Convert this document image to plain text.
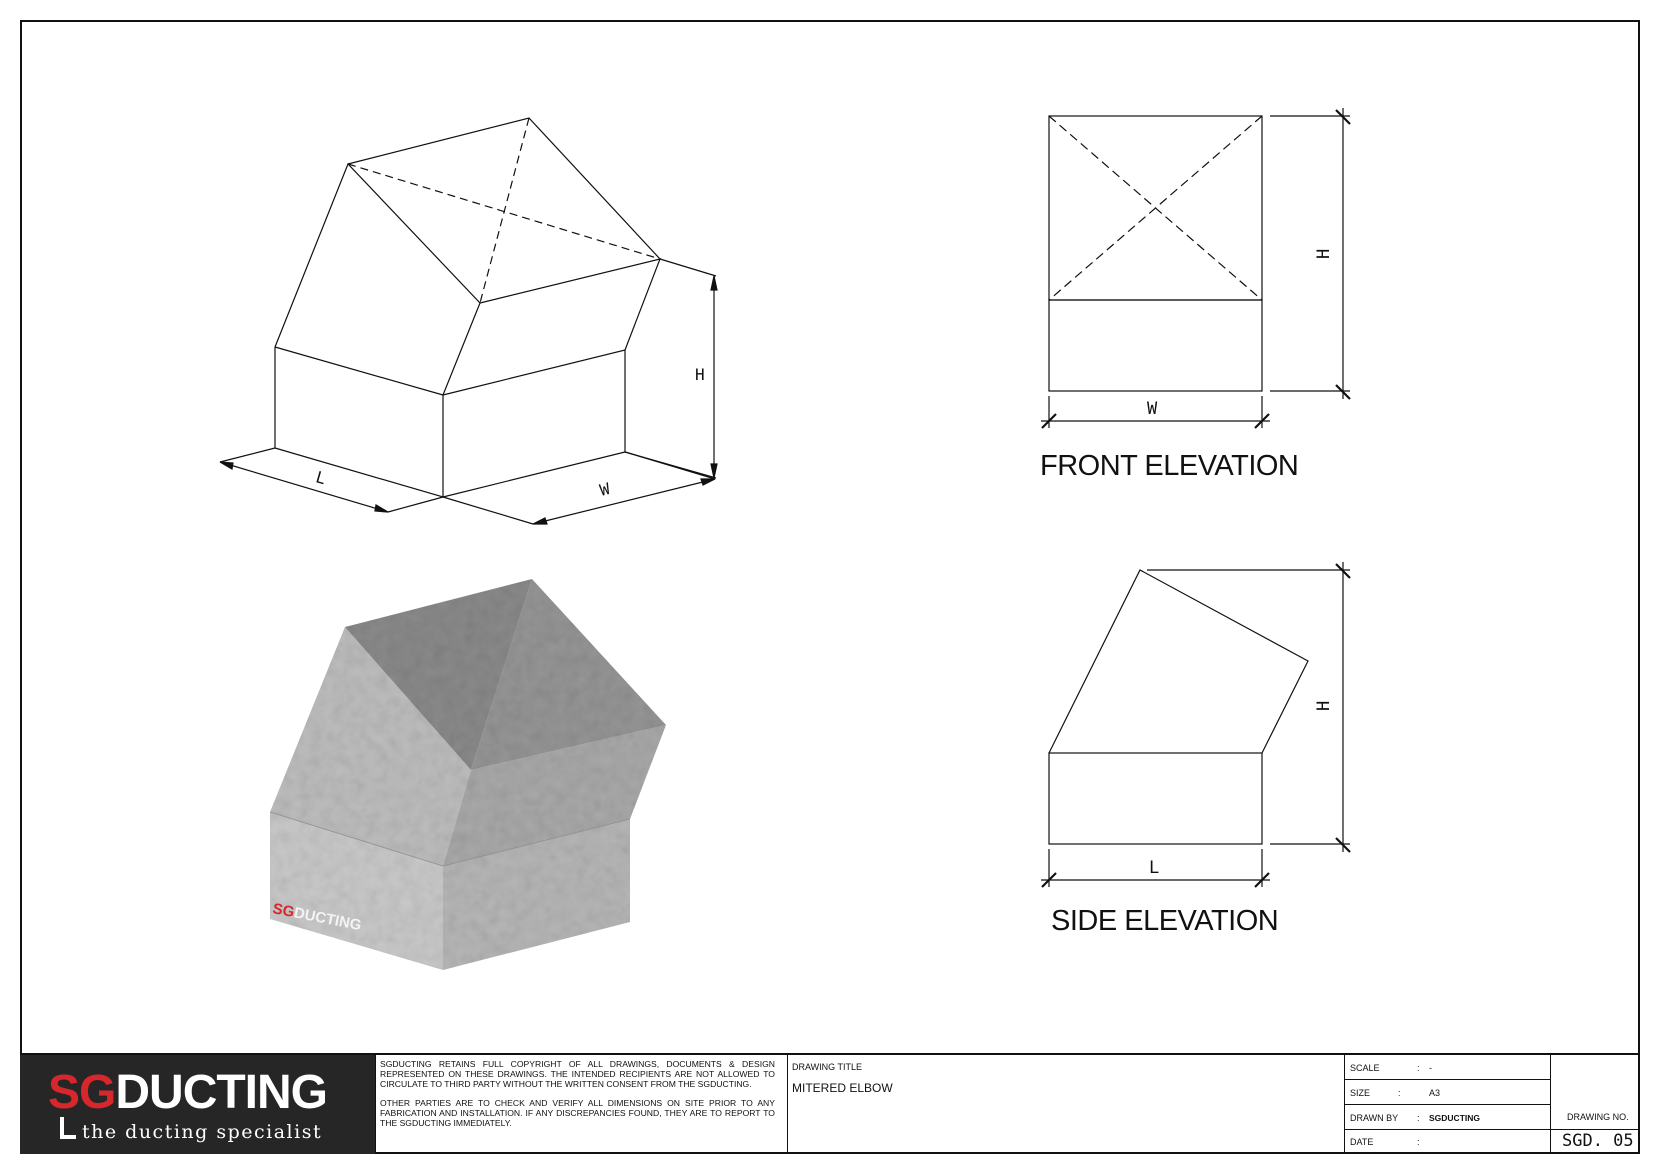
L
W
H
SGDUCTING
H
W
H
L
FRONT ELEVATION
SIDE ELEVATION
SGDUCTING
the ducting specialist

SGDUCTING RETAINS FULL COPYRIGHT OF ALL DRAWINGS, DOCUMENTS & DESIGN REPRESENTED ON THESE DRAWINGS. THE INTENDED RECIPIENTS ARE NOT ALLOWED TO CIRCULATE TO THIRD PARTY WITHOUT THE WRITTEN CONSENT FROM THE SGDUCTING.

OTHER PARTIES ARE TO CHECK AND VERIFY ALL DIMENSIONS ON SITE PRIOR TO ANY FABRICATION AND INSTALLATION. IF ANY DISCREPANCIES FOUND, THEY ARE TO REPORT TO THE SGDUCTING IMMEDIATELY.

DRAWING TITLE
MITERED ELBOW
SCALE	: -
SIZE	:	A3
DRAWN BY : SGDUCTING
DATE	:
DRAWING NO.
SGD. 05
